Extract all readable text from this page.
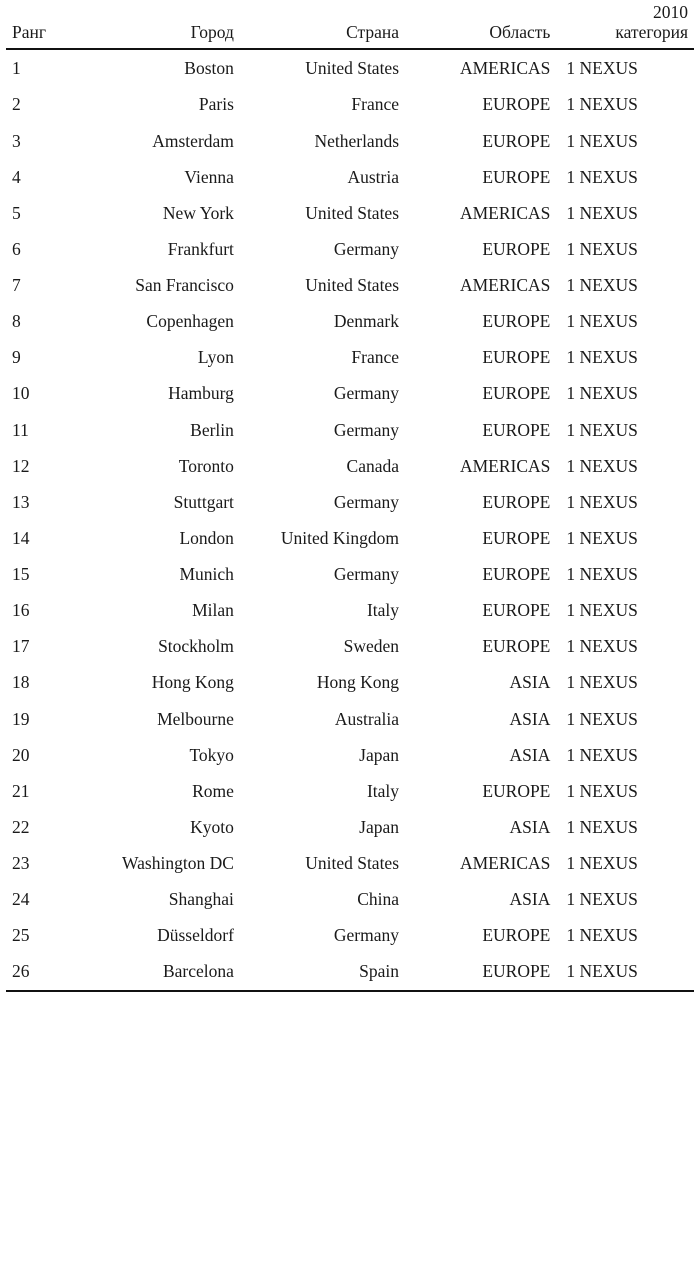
Ранг	Город	Страна	Область	2010
категория

1	Boston	United States	AMERICAS	1 NEXUS
2	Paris	France	EUROPE	1 NEXUS
3	Amsterdam	Netherlands	EUROPE	1 NEXUS
4	Vienna	Austria	EUROPE	1 NEXUS
5	New York	United States	AMERICAS	1 NEXUS
6	Frankfurt	Germany	EUROPE	1 NEXUS
7	San Francisco	United States	AMERICAS	1 NEXUS
8	Copenhagen	Denmark	EUROPE	1 NEXUS
9	Lyon	France	EUROPE	1 NEXUS
10	Hamburg	Germany	EUROPE	1 NEXUS
11	Berlin	Germany	EUROPE	1 NEXUS
12	Toronto	Canada	AMERICAS	1 NEXUS
13	Stuttgart	Germany	EUROPE	1 NEXUS
14	London	United Kingdom	EUROPE	1 NEXUS
15	Munich	Germany	EUROPE	1 NEXUS
16	Milan	Italy	EUROPE	1 NEXUS
17	Stockholm	Sweden	EUROPE	1 NEXUS
18	Hong Kong	Hong Kong	ASIA	1 NEXUS
19	Melbourne	Australia	ASIA	1 NEXUS
20	Tokyo	Japan	ASIA	1 NEXUS
21	Rome	Italy	EUROPE	1 NEXUS
22	Kyoto	Japan	ASIA	1 NEXUS
23	Washington DC	United States	AMERICAS	1 NEXUS
24	Shanghai	China	ASIA	1 NEXUS
25	Düsseldorf	Germany	EUROPE	1 NEXUS
26	Barcelona	Spain	EUROPE	1 NEXUS
